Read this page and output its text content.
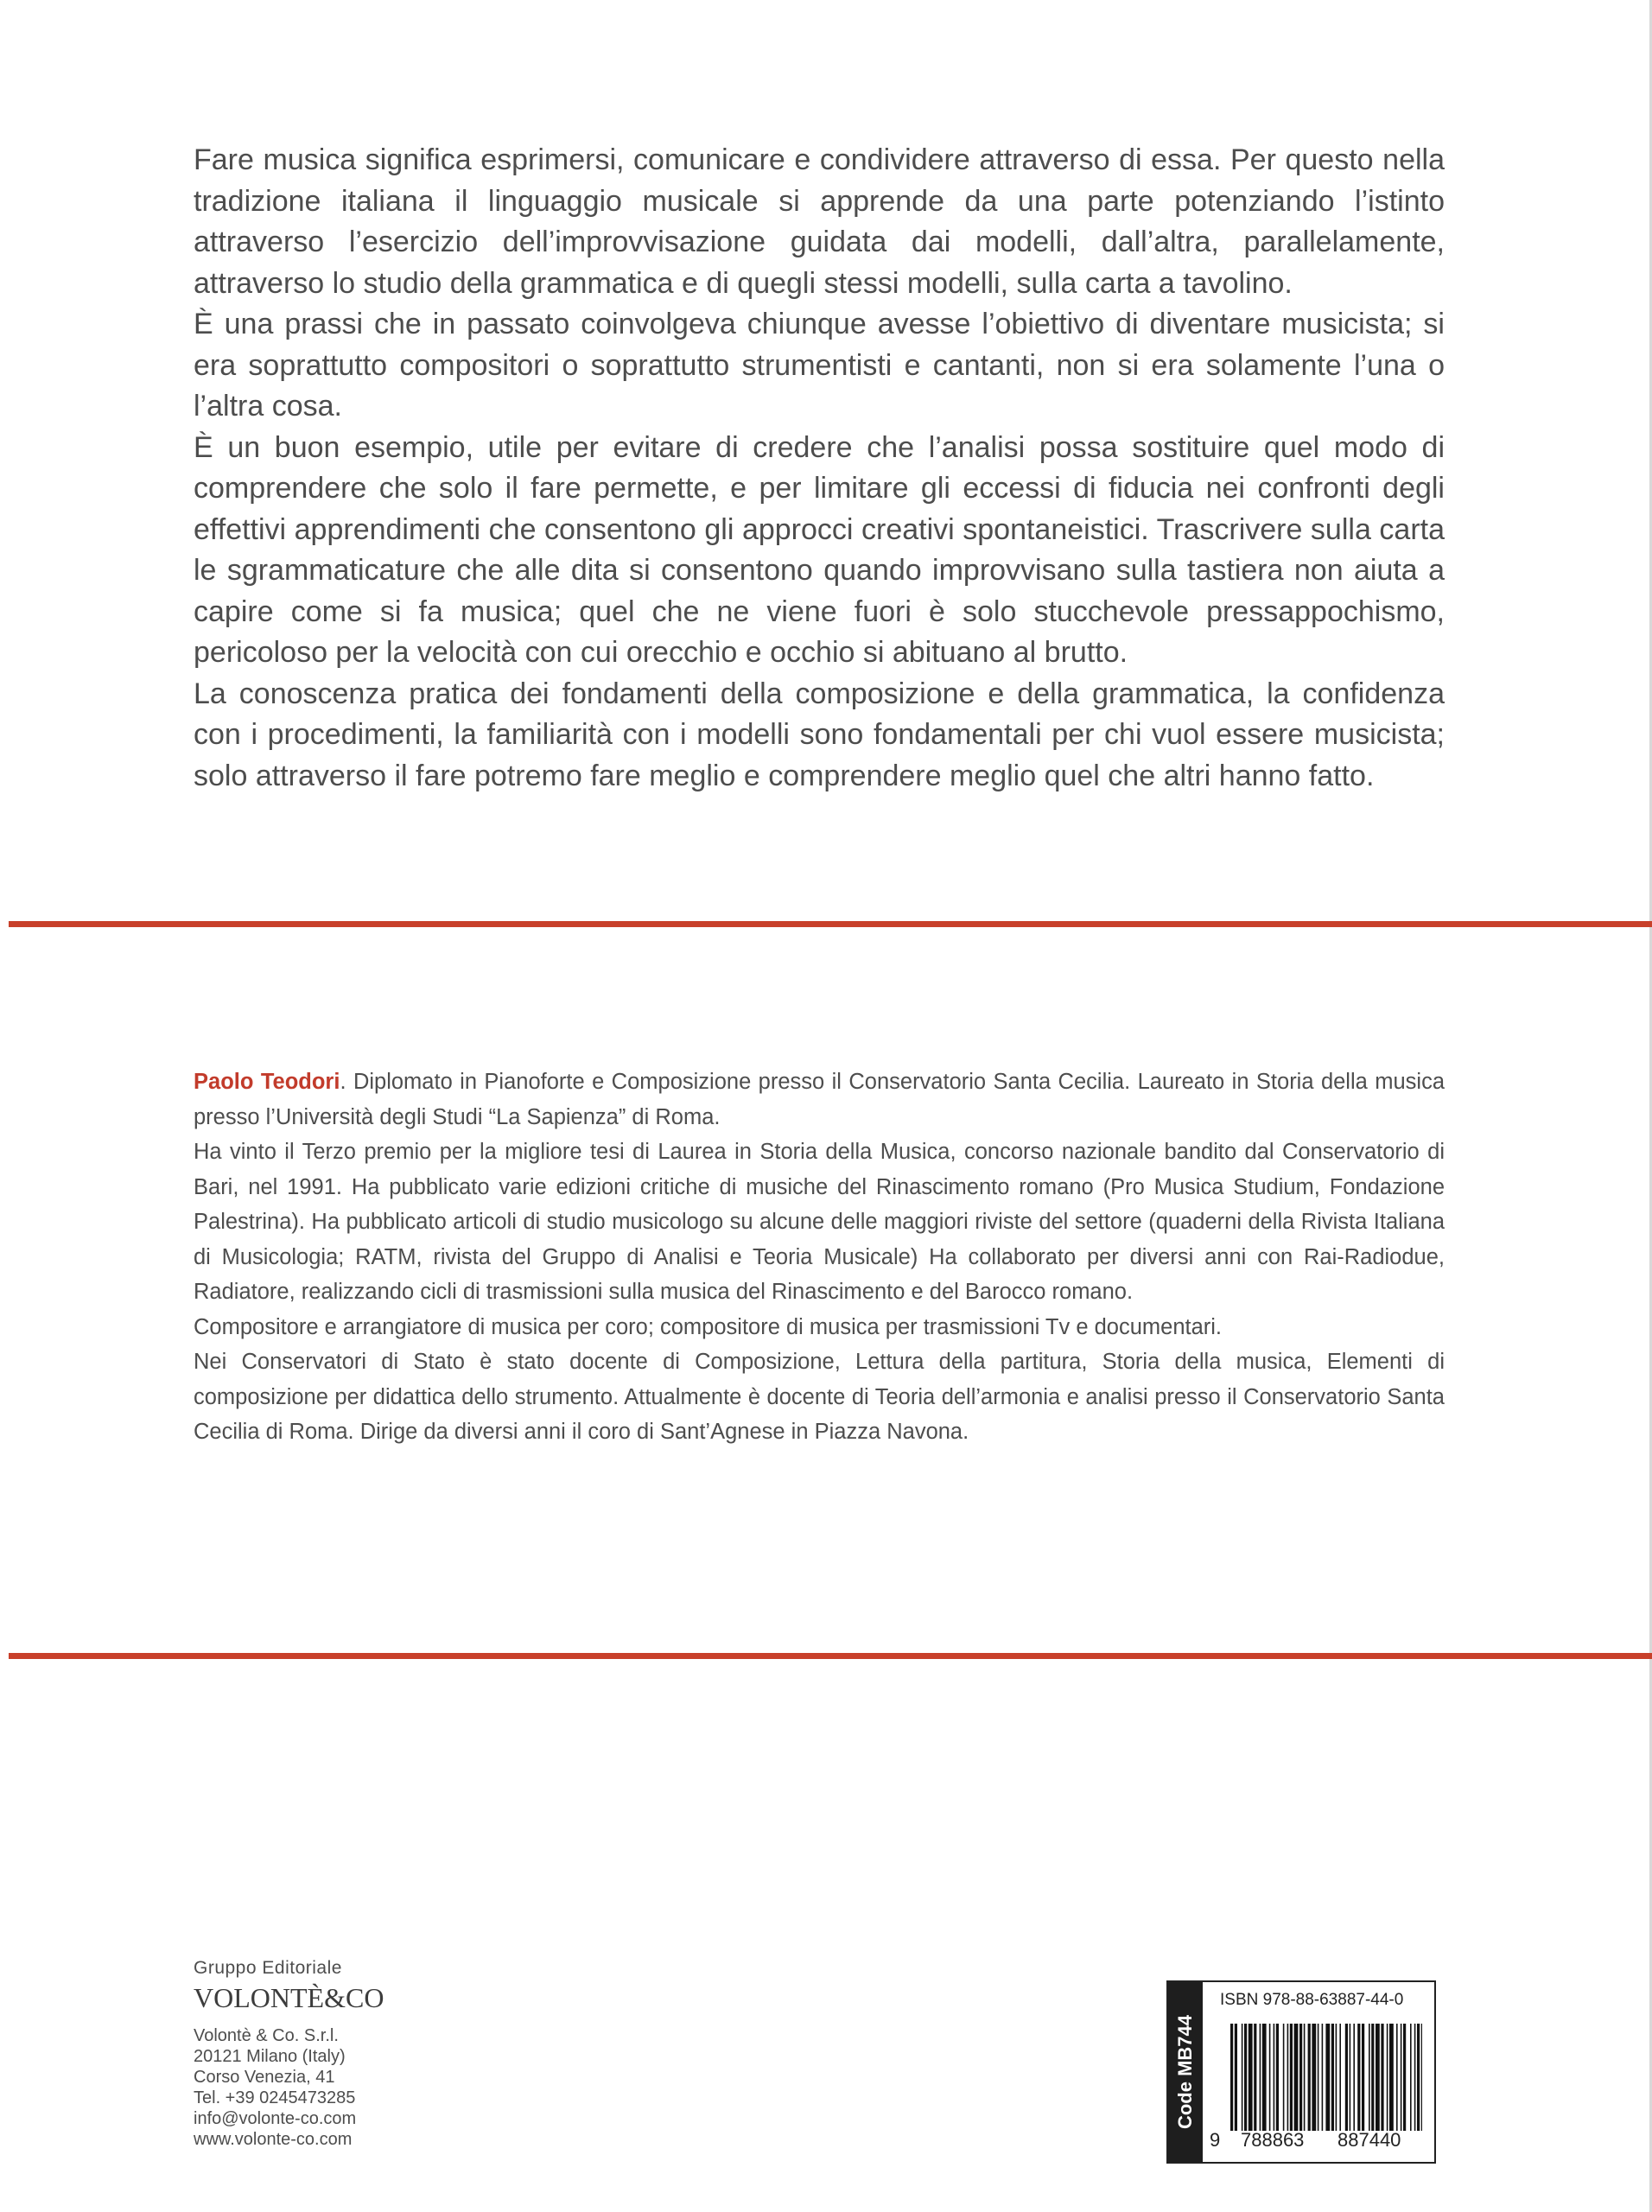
Fare musica significa esprimersi, comunicare e condividere attraverso di essa. Per questo nella tradizione italiana il linguaggio musicale si apprende da una parte potenziando l’istinto attraverso l’esercizio dell’improvvisazione guidata dai modelli, dall’altra, parallelamente, attraverso lo studio della grammatica e di quegli stessi modelli, sulla carta a tavolino.

È una prassi che in passato coinvolgeva chiunque avesse l’obiettivo di diventare musicista; si era soprattutto compositori o soprattutto strumentisti e cantanti, non si era solamente l’una o l’altra cosa.

È un buon esempio, utile per evitare di credere che l’analisi possa sostituire quel modo di comprendere che solo il fare permette, e per limitare gli eccessi di fiducia nei confronti degli effettivi apprendimenti che consentono gli approcci creativi spontaneistici. Trascrivere sulla carta le sgrammaticature che alle dita si consentono quando improvvisano sulla tastiera non aiuta a capire come si fa musica; quel che ne viene fuori è solo stucchevole pressappochismo, pericoloso per la velocità con cui orecchio e occhio si abituano al brutto.

La conoscenza pratica dei fondamenti della composizione e della grammatica, la confidenza con i procedimenti, la familiarità con i modelli sono fondamentali per chi vuol essere musicista; solo attraverso il fare potremo fare meglio e comprendere meglio quel che altri hanno fatto.

Paolo Teodori. Diplomato in Pianoforte e Composizione presso il Conservatorio Santa Cecilia. Laureato in Storia della musica presso l’Università degli Studi “La Sapienza” di Roma.

Ha vinto il Terzo premio per la migliore tesi di Laurea in Storia della Musica, concorso nazionale bandito dal Conservatorio di Bari, nel 1991. Ha pubblicato varie edizioni critiche di musiche del Rinascimento romano (Pro Musica Studium, Fondazione Palestrina). Ha pubblicato articoli di studio musicologo su alcune delle maggiori riviste del settore (quaderni della Rivista Italiana di Musicologia; RATM, rivista del Gruppo di Analisi e Teoria Musicale) Ha collaborato per diversi anni con Rai-Radiodue, Radiatore, realizzando cicli di trasmissioni sulla musica del Rinascimento e del Barocco romano.

Compositore e arrangiatore di musica per coro; compositore di musica per trasmissioni Tv e documentari.

Nei Conservatori di Stato è stato docente di Composizione, Lettura della partitura, Storia della musica, Elementi di composizione per didattica dello strumento. Attualmente è docente di Teoria dell’armonia e analisi presso il Conservatorio Santa Cecilia di Roma. Dirige da diversi anni il coro di Sant’Agnese in Piazza Navona.

Gruppo Editoriale
VOLONTÈ&CO
Volontè & Co. S.r.l.
20121 Milano (Italy)
Corso Venezia, 41
Tel. +39 0245473285
info@volonte-co.com
www.volonte-co.com
Code MB744
ISBN 978-88-63887-44-0
9 788863 887440
